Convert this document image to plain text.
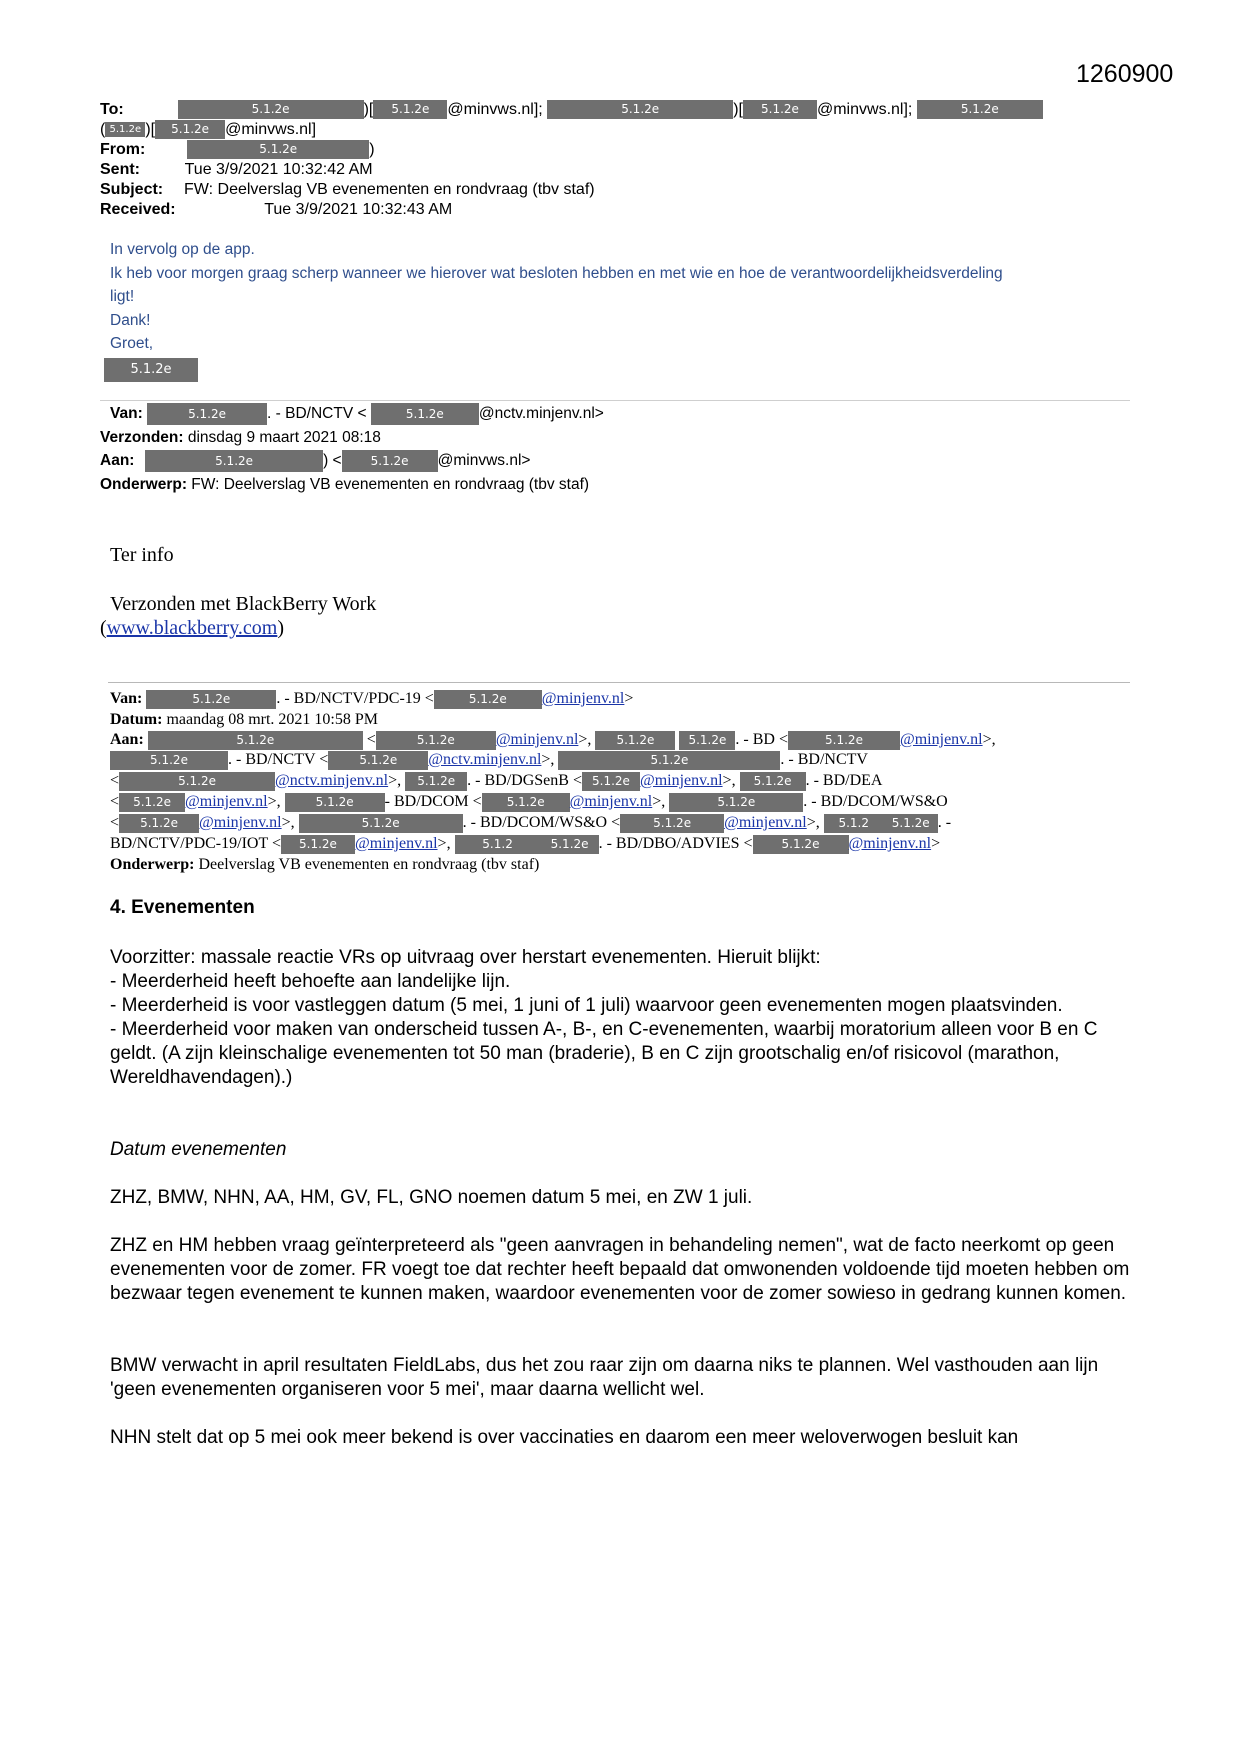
1260900
To:	5.1.2e	)[ 5.1.2e @minvws.nl];	5.1.2e	)[ 5.1.2e @minvws.nl];	5.1.2e
( 5.1.2e )[ 5.1.2e @minvws.nl]
From:	5.1.2e	)
Sent:	Tue 3/9/2021 10:32:42 AM
Subject: FW: Deelverslag VB evenementen en rondvraag (tbv staf)
Received:	Tue 3/9/2021 10:32:43 AM
In vervolg op de app.
Ik heb voor morgen graag scherp wanneer we hierover wat besloten hebben en met wie en hoe de verantwoordelijkheidsverdeling
ligt!
Dank!
Groet,
5.1.2e
Van:	5.1.2e	. - BD/NCTV <	5.1.2e @nctv.minjenv.nl>
Verzonden: dinsdag 9 maart 2021 08:18
Aan:	5.1.2e	) < 5.1.2e @minvws.nl>
Onderwerp: FW: Deelverslag VB evenementen en rondvraag (tbv staf)
Ter info
Verzonden met BlackBerry Work
(www.blackberry.com)
Van:	5.1.2e	. - BD/NCTV/PDC-19 <	5.1.2e @minjenv.nl>
Datum: maandag 08 mrt. 2021 10:58 PM
Aan:	5.1.2e	<	5.1.2e	@minjenv.nl>, 5.1.2e	5.1.2e . - BD <	5.1.2e @minjenv.nl>,
5.1.2e	. - BD/NCTV <	5.1.2e @nctv.minjenv.nl>,	5.1.2e	. - BD/NCTV
<	5.1.2e	@nctv.minjenv.nl>, 5.1.2e . - BD/DGSenB < 5.1.2e @minjenv.nl>, 5.1.2e . - BD/DEA
< 5.1.2e @minjenv.nl>,	5.1.2e - BD/DCOM < 5.1.2e @minjenv.nl>,	5.1.2e	. - BD/DCOM/WS&O
< 5.1.2e @minjenv.nl>,	5.1.2e	. - BD/DCOM/WS&O <	5.1.2e @minjenv.nl>, 5.1.2 5.1.2e . -
BD/NCTV/PDC-19/IOT < 5.1.2e @minjenv.nl>, 5.1.2	5.1.2e . - BD/DBO/ADVIES < 5.1.2e @minjenv.nl>
Onderwerp: Deelverslag VB evenementen en rondvraag (tbv staf)
4. Evenementen
Voorzitter: massale reactie VRs op uitvraag over herstart evenementen. Hieruit blijkt:
- Meerderheid heeft behoefte aan landelijke lijn.
- Meerderheid is voor vastleggen datum (5 mei, 1 juni of 1 juli) waarvoor geen evenementen mogen plaatsvinden.
- Meerderheid voor maken van onderscheid tussen A-, B-, en C-evenementen, waarbij moratorium alleen voor B en C geldt. (A zijn kleinschalige evenementen tot 50 man (braderie), B en C zijn grootschalig en/of risicovol (marathon, Wereldhavendagen).)
Datum evenementen
ZHZ, BMW, NHN, AA, HM, GV, FL, GNO noemen datum 5 mei, en ZW 1 juli.
ZHZ en HM hebben vraag geïnterpreteerd als "geen aanvragen in behandeling nemen", wat de facto neerkomt op geen evenementen voor de zomer. FR voegt toe dat rechter heeft bepaald dat omwonenden voldoende tijd moeten hebben om bezwaar tegen evenement te kunnen maken, waardoor evenementen voor de zomer sowieso in gedrang kunnen komen.
BMW verwacht in april resultaten FieldLabs, dus het zou raar zijn om daarna niks te plannen. Wel vasthouden aan lijn 'geen evenementen organiseren voor 5 mei', maar daarna wellicht wel.
NHN stelt dat op 5 mei ook meer bekend is over vaccinaties en daarom een meer weloverwogen besluit kan
